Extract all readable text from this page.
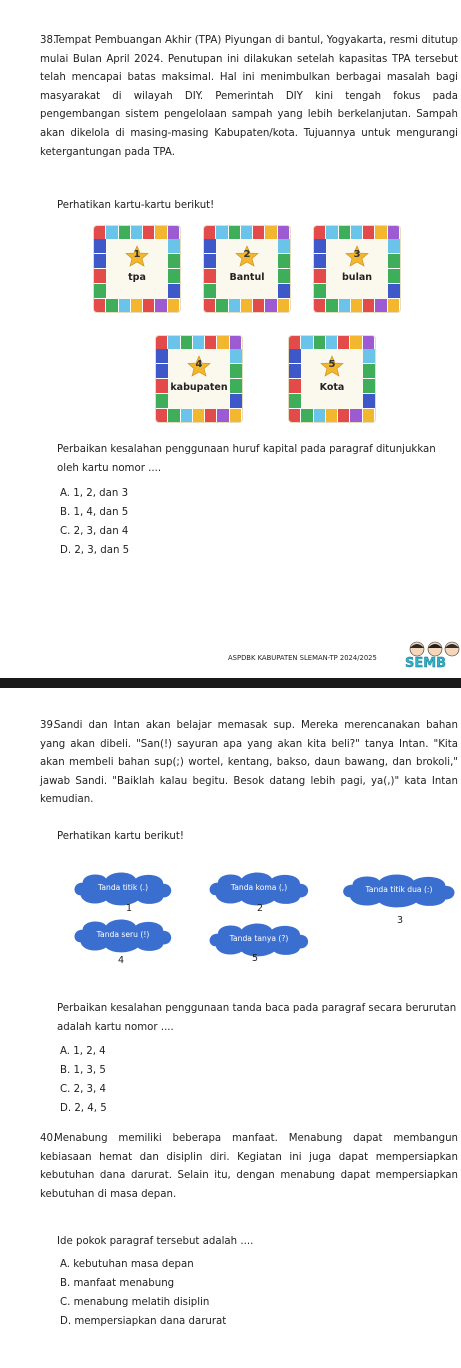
38.
Tempat Pembuangan Akhir (TPA) Piyungan di bantul, Yogyakarta, resmi ditutup mulai Bulan April 2024. Penutupan ini dilakukan setelah kapasitas TPA tersebut telah mencapai batas maksimal. Hal ini menimbulkan berbagai masalah bagi masyarakat di wilayah DIY. Pemerintah DIY kini tengah fokus pada pengembangan sistem pengelolaan sampah yang lebih berkelanjutan. Sampah akan dikelola di masing-masing Kabupaten/kota. Tujuannya untuk mengurangi ketergantungan pada TPA.
Perhatikan kartu-kartu berikut!
1
tpa
2
Bantul
3
bulan
4
kabupaten
5
Kota
Perbaikan kesalahan penggunaan huruf kapital pada paragraf ditunjukkan oleh kartu nomor ....
A. 1, 2, dan 3
B. 1, 4, dan 5
C. 2, 3, dan 4
D. 2, 3, dan 5
ASPDBK KABUPATEN SLEMAN-TP 2024/2025 SEMB
39.
Sandi dan Intan akan belajar memasak sup. Mereka merencanakan bahan yang akan dibeli. "San(!) sayuran apa yang akan kita beli?" tanya Intan. "Kita akan membeli bahan sup(;) wortel, kentang, bakso, daun bawang, dan brokoli," jawab Sandi. "Baiklah kalau begitu. Besok datang lebih pagi, ya(,)" kata Intan kemudian.
Perhatikan kartu berikut!
Tanda titik (.)
1
Tanda koma (,)
2
Tanda titik dua (:)
3
Tanda seru (!)
4
Tanda tanya (?)
5
Perbaikan kesalahan penggunaan tanda baca pada paragraf secara berurutan adalah kartu nomor ....
A. 1, 2, 4
B. 1, 3, 5
C. 2, 3, 4
D. 2, 4, 5
40.
Menabung memiliki beberapa manfaat. Menabung dapat membangun kebiasaan hemat dan disiplin diri. Kegiatan ini juga dapat mempersiapkan kebutuhan dana darurat. Selain itu, dengan menabung dapat mempersiapkan kebutuhan di masa depan.
Ide pokok paragraf tersebut adalah ....
A. kebutuhan masa depan
B. manfaat menabung
C. menabung melatih disiplin
D. mempersiapkan dana darurat
